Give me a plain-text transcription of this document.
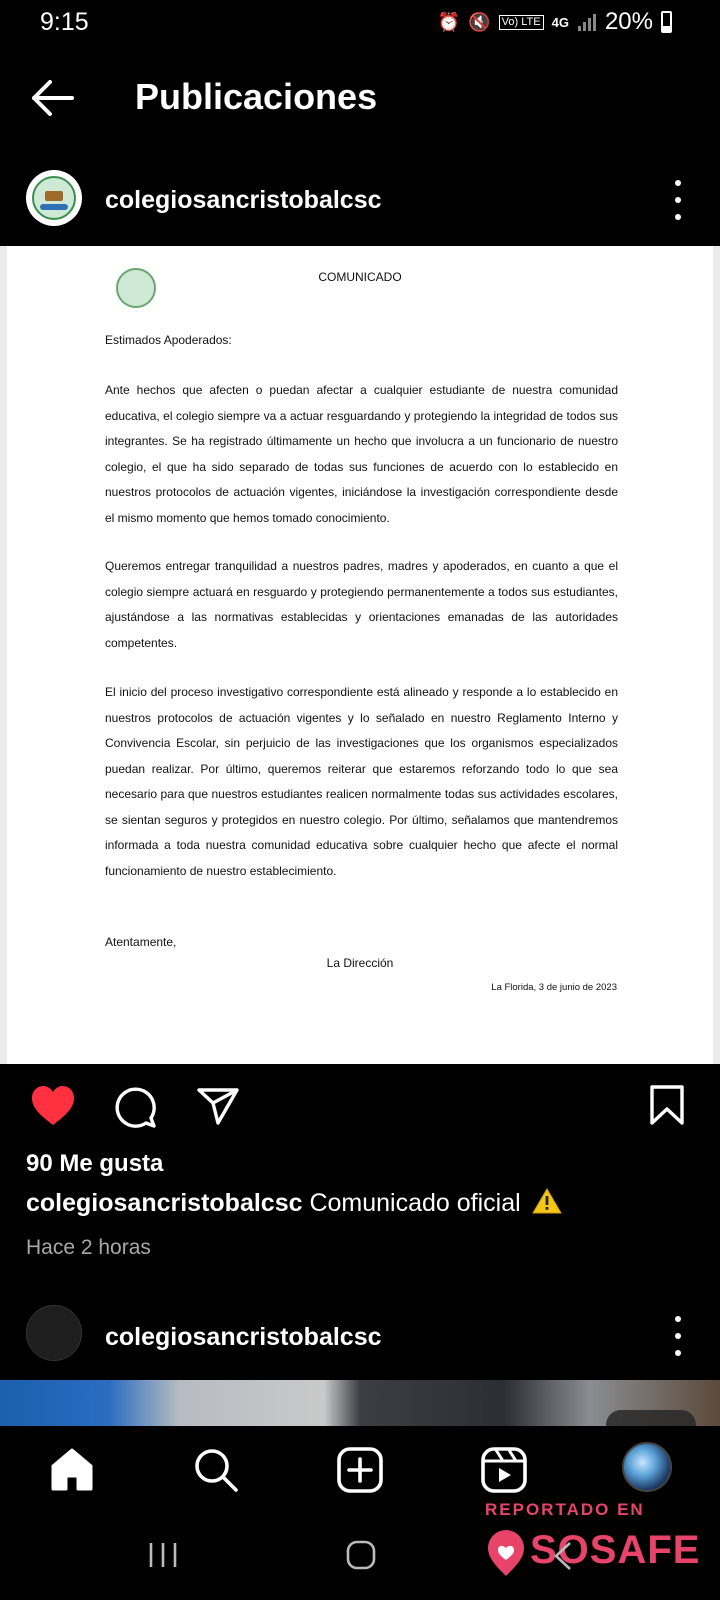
9:15	⏰ 🔇 Vo) LTE 4G 20%
Publicaciones
colegiosancristobalcsc
COMUNICADO
Estimados Apoderados:
Ante hechos que afecten o puedan afectar a cualquier estudiante de nuestra comunidad educativa, el colegio siempre va a actuar resguardando y protegiendo la integridad de todos sus integrantes. Se ha registrado últimamente un hecho que involucra a un funcionario de nuestro colegio, el que ha sido separado de todas sus funciones de acuerdo con lo establecido en nuestros protocolos de actuación vigentes, iniciándose la investigación correspondiente desde el mismo momento que hemos tomado conocimiento.
Queremos entregar tranquilidad a nuestros padres, madres y apoderados, en cuanto a que el colegio siempre actuará en resguardo y protegiendo permanentemente a todos sus estudiantes, ajustándose a las normativas establecidas y orientaciones emanadas de las autoridades competentes.
El inicio del proceso investigativo correspondiente está alineado y responde a lo establecido en nuestros protocolos de actuación vigentes y lo señalado en nuestro Reglamento Interno y Convivencia Escolar, sin perjuicio de las investigaciones que los organismos especializados puedan realizar. Por último, queremos reiterar que estaremos reforzando todo lo que sea necesario para que nuestros estudiantes realicen normalmente todas sus actividades escolares, se sientan seguros y protegidos en nuestro colegio. Por último, señalamos que mantendremos informada a toda nuestra comunidad educativa sobre cualquier hecho que afecte el normal funcionamiento de nuestro establecimiento.
Atentamente,
La Dirección
La Florida, 3 de junio de 2023
90 Me gusta
colegiosancristobalcsc Comunicado oficial
Hace 2 horas
colegiosancristobalcsc
REPORTADO EN
SOSAFE
